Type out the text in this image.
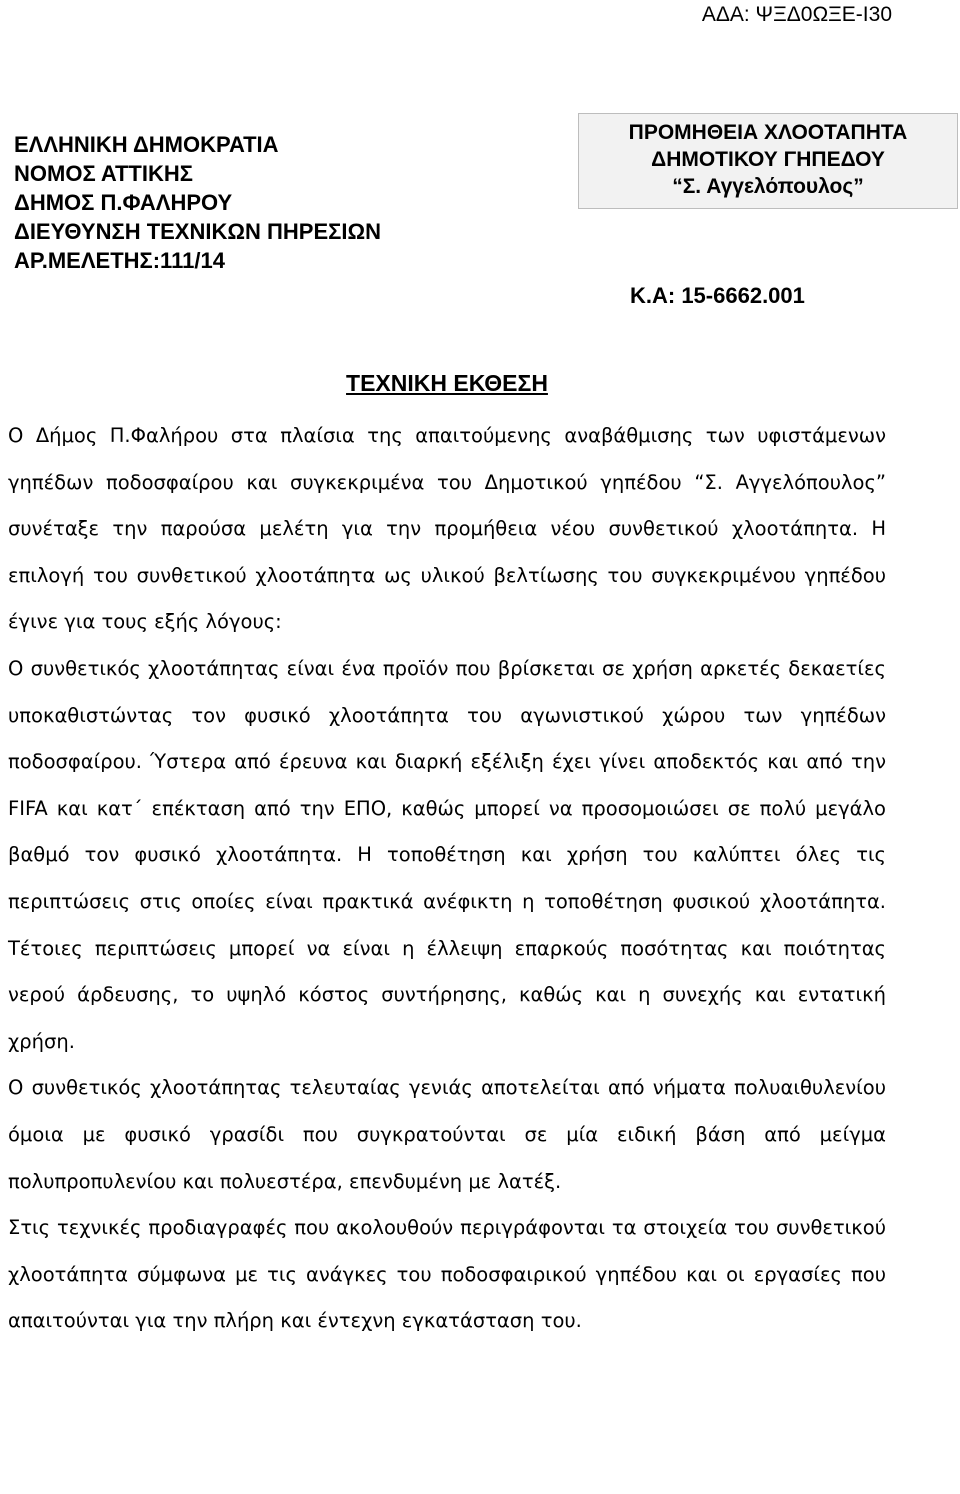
ΑΔΑ: ΨΞΔ0ΩΞΕ-Ι30
ΕΛΛΗΝΙΚΗ ΔΗΜΟΚΡΑΤΙΑ
ΝΟΜΟΣ ΑΤΤΙΚΗΣ
ΔΗΜΟΣ Π.ΦΑΛΗΡΟΥ
ΔΙΕΥΘΥΝΣΗ ΤΕΧΝΙΚΩΝ ΠΗΡΕΣΙΩΝ
ΑΡ.ΜΕΛΕΤΗΣ:111/14
ΠΡΟΜΗΘΕΙΑ ΧΛΟΟΤΑΠΗΤΑ
ΔΗΜΟΤΙΚΟΥ ΓΗΠΕΔΟΥ
“Σ. Αγγελόπουλος”
Κ.Α: 15-6662.001
ΤΕΧΝΙΚΗ ΕΚΘΕΣΗ

Ο Δήμος Π.Φαλήρου στα πλαίσια της απαιτούμενης αναβάθμισης των υφιστάμενων γηπέδων ποδοσφαίρου και συγκεκριμένα του Δημοτικού γηπέδου “Σ. Αγγελόπουλος” συνέταξε την παρούσα μελέτη για την προμήθεια νέου συνθετικού χλοοτάπητα. Η επιλογή του συνθετικού χλοοτάπητα ως υλικού βελτίωσης του συγκεκριμένου γηπέδου έγινε για τους εξής λόγους:

Ο συνθετικός χλοοτάπητας είναι ένα προϊόν που βρίσκεται σε χρήση αρκετές δεκαετίες υποκαθιστώντας τον φυσικό χλοοτάπητα του αγωνιστικού χώρου των γηπέδων ποδοσφαίρου. Ύστερα από έρευνα και διαρκή εξέλιξη έχει γίνει αποδεκτός και από την FIFA και κατ΄ επέκταση από την ΕΠΟ, καθώς μπορεί να προσομοιώσει σε πολύ μεγάλο βαθμό τον φυσικό χλοοτάπητα. Η τοποθέτηση και χρήση του καλύπτει όλες τις περιπτώσεις στις οποίες είναι πρακτικά ανέφικτη η τοποθέτηση φυσικού χλοοτάπητα. Τέτοιες περιπτώσεις μπορεί να είναι η έλλειψη επαρκούς ποσότητας και ποιότητας νερού άρδευσης, το υψηλό κόστος συντήρησης, καθώς και η συνεχής και εντατική χρήση.

Ο συνθετικός χλοοτάπητας τελευταίας γενιάς αποτελείται από νήματα πολυαιθυλενίου όμοια με φυσικό γρασίδι που συγκρατούνται σε μία ειδική βάση από μείγμα πολυπροπυλενίου και πολυεστέρα, επενδυμένη με λατέξ.

Στις τεχνικές προδιαγραφές που ακολουθούν περιγράφονται τα στοιχεία του συνθετικού χλοοτάπητα σύμφωνα με τις ανάγκες του ποδοσφαιρικού γηπέδου και οι εργασίες που απαιτούνται για την πλήρη και έντεχνη εγκατάσταση του.
